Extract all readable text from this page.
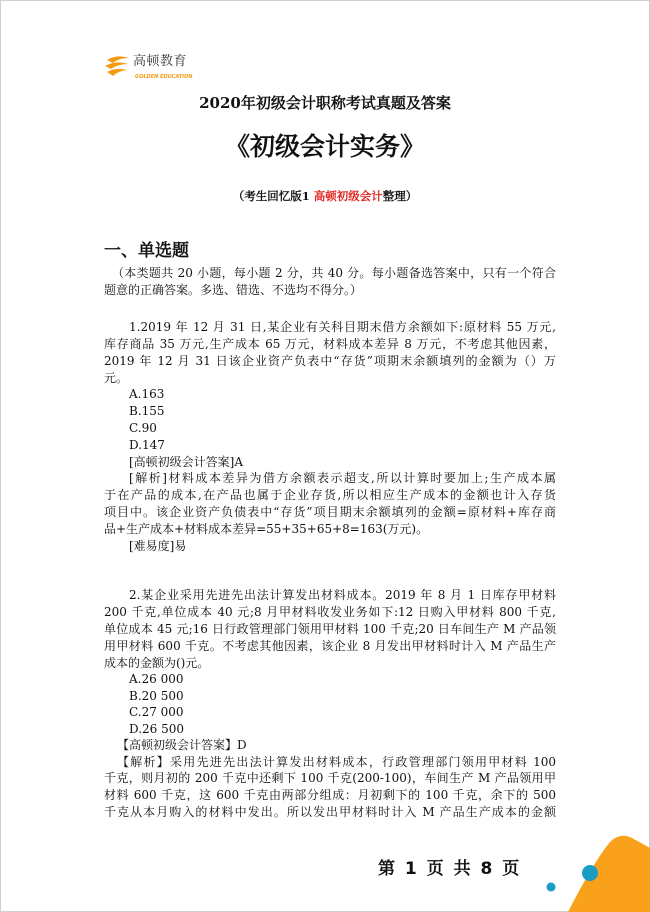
高顿教育
GOLDEN EDUCATION
2020年初级会计职称考试真题及答案
《初级会计实务》
（考生回忆版1 高顿初级会计整理）
一、单选题
（本类题共 20 小题，每小题 2 分，共 40 分。每小题备选答案中，只有一个符合
题意的正确答案。多选、错选、不选均不得分。）
1.2019 年 12 月 31 日,某企业有关科目期末借方余额如下:原材料 55 万元,
库存商品 35 万元,生产成本 65 万元，材料成本差异 8 万元，不考虑其他因素，
2019 年 12 月 31 日该企业资产负表中“存货”项期末余额填列的金额为（）万
元。
A.163
B.155
C.90
D.147
[高顿初级会计答案]A
[解析]材料成本差异为借方余额表示超支,所以计算时要加上;生产成本属
于在产品的成本,在产品也属于企业存货,所以相应生产成本的金额也计入存货
项目中。该企业资产负债表中“存货”项目期末余额填列的金额=原材料+库存商
品+生产成本+材料成本差异=55+35+65+8=163(万元)。
[难易度]易
2.某企业采用先进先出法计算发出材料成本。2019 年 8 月 1 日库存甲材料
200 千克,单位成本 40 元;8 月甲材料收发业务如下:12 日购入甲材料 800 千克,
单位成本 45 元;16 日行政管理部门领用甲材料 100 千克;20 日车间生产 M 产品领
用甲材料 600 千克。不考虑其他因素，该企业 8 月发出甲材料时计入 M 产品生产
成本的金额为()元。
A.26 000
B.20 500
C.27 000
D.26 500
【高顿初级会计答案】D
【解析】采用先进先出法计算发出材料成本，行政管理部门领用甲材料 100
千克，则月初的 200 千克中还剩下 100 千克(200-100)，车间生产 M 产品领用甲
材料 600 千克，这 600 千克由两部分组成：月初剩下的 100 千克，余下的 500
千克从本月购入的材料中发出。所以发出甲材料时计入 M 产品生产成本的金额
第 1 页 共 8 页
